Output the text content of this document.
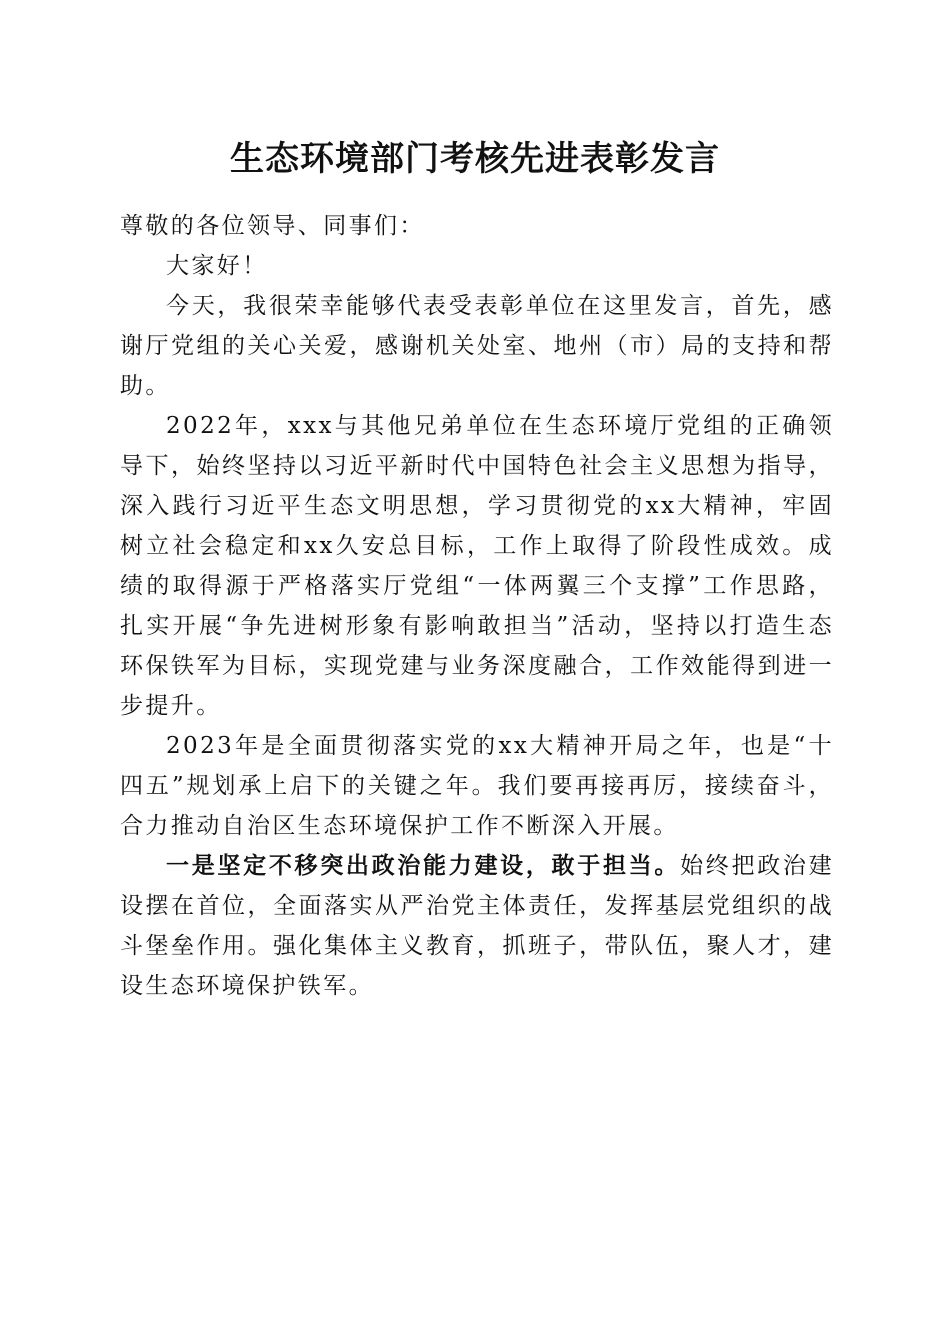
生态环境部门考核先进表彰发言

尊敬的各位领导、同事们：

大家好！

今天，我很荣幸能够代表受表彰单位在这里发言，首先，感谢厅党组的关心关爱，感谢机关处室、地州（市）局的支持和帮助。

2022年，xxx与其他兄弟单位在生态环境厅党组的正确领导下，始终坚持以习近平新时代中国特色社会主义思想为指导，深入践行习近平生态文明思想，学习贯彻党的xx大精神，牢固树立社会稳定和xx久安总目标，工作上取得了阶段性成效。成绩的取得源于严格落实厅党组“一体两翼三个支撑”工作思路，扎实开展“争先进树形象有影响敢担当”活动，坚持以打造生态环保铁军为目标，实现党建与业务深度融合，工作效能得到进一步提升。

2023年是全面贯彻落实党的xx大精神开局之年，也是“十四五”规划承上启下的关键之年。我们要再接再厉，接续奋斗，合力推动自治区生态环境保护工作不断深入开展。

一是坚定不移突出政治能力建设，敢于担当。始终把政治建设摆在首位，全面落实从严治党主体责任，发挥基层党组织的战斗堡垒作用。强化集体主义教育，抓班子，带队伍，聚人才，建设生态环境保护铁军。
